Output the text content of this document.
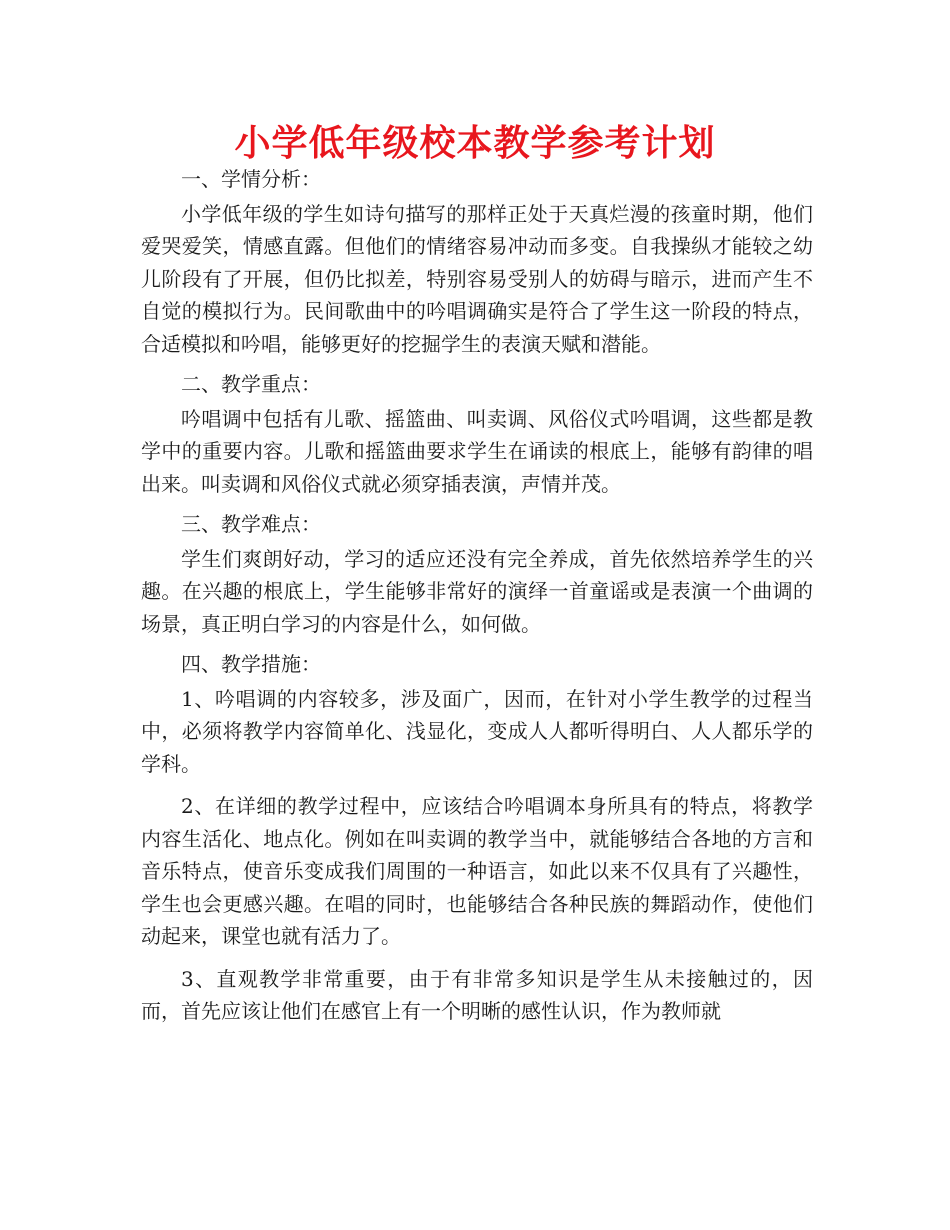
小学低年级校本教学参考计划

一、学情分析：

小学低年级的学生如诗句描写的那样正处于天真烂漫的孩童时期，他们爱哭爱笑，情感直露。但他们的情绪容易冲动而多变。自我操纵才能较之幼儿阶段有了开展，但仍比拟差，特别容易受别人的妨碍与暗示，进而产生不自觉的模拟行为。民间歌曲中的吟唱调确实是符合了学生这一阶段的特点，合适模拟和吟唱，能够更好的挖掘学生的表演天赋和潜能。

二、教学重点：

吟唱调中包括有儿歌、摇篮曲、叫卖调、风俗仪式吟唱调，这些都是教学中的重要内容。儿歌和摇篮曲要求学生在诵读的根底上，能够有韵律的唱出来。叫卖调和风俗仪式就必须穿插表演，声情并茂。

三、教学难点：

学生们爽朗好动，学习的适应还没有完全养成，首先依然培养学生的兴趣。在兴趣的根底上，学生能够非常好的演绎一首童谣或是表演一个曲调的场景，真正明白学习的内容是什么，如何做。

四、教学措施：

1、吟唱调的内容较多，涉及面广，因而，在针对小学生教学的过程当中，必须将教学内容简单化、浅显化，变成人人都听得明白、人人都乐学的学科。

2、在详细的教学过程中，应该结合吟唱调本身所具有的特点，将教学内容生活化、地点化。例如在叫卖调的教学当中，就能够结合各地的方言和音乐特点，使音乐变成我们周围的一种语言，如此以来不仅具有了兴趣性，学生也会更感兴趣。在唱的同时，也能够结合各种民族的舞蹈动作，使他们动起来，课堂也就有活力了。

3、直观教学非常重要，由于有非常多知识是学生从未接触过的，因而，首先应该让他们在感官上有一个明晰的感性认识，作为教师就
